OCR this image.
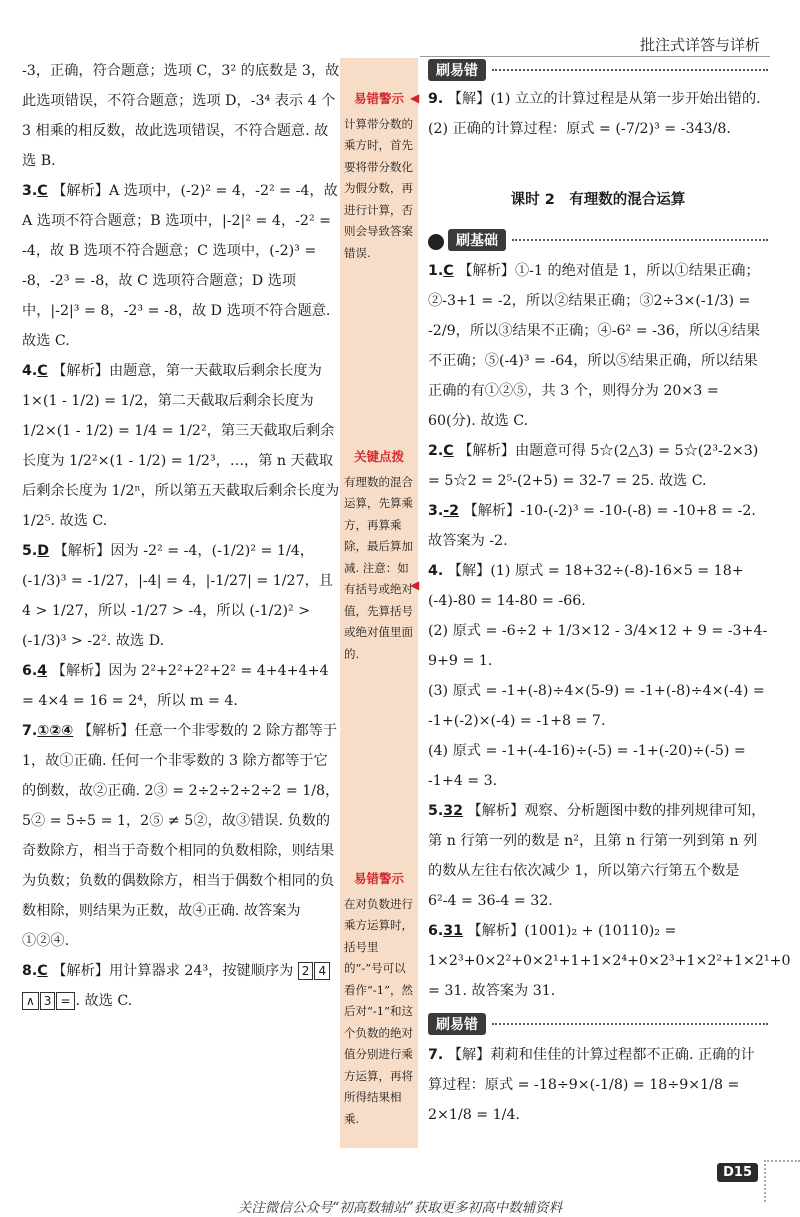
批注式详答与详析

-3，正确，符合题意；选项 C，3² 的底数是 3，故此选项错误，不符合题意；选项 D，-3⁴ 表示 4 个 3 相乘的相反数，故此选项错误，不符合题意. 故选 B.

3.C 【解析】A 选项中，(-2)² = 4，-2² = -4，故 A 选项不符合题意；B 选项中，|-2|² = 4，-2² = -4，故 B 选项不符合题意；C 选项中，(-2)³ = -8，-2³ = -8，故 C 选项符合题意；D 选项中，|-2|³ = 8，-2³ = -8，故 D 选项不符合题意. 故选 C.
4.C 【解析】由题意，第一天截取后剩余长度为 1×(1 - 1/2) = 1/2，第二天截取后剩余长度为 1/2×(1 - 1/2) = 1/4 = 1/2²，第三天截取后剩余长度为 1/2²×(1 - 1/2) = 1/2³，…，第 n 天截取后剩余长度为 1/2ⁿ，所以第五天截取后剩余长度为 1/2⁵. 故选 C.
5.D 【解析】因为 -2² = -4，(-1/2)² = 1/4，(-1/3)³ = -1/27，|-4| = 4，|-1/27| = 1/27，且 4 > 1/27，所以 -1/27 > -4，所以 (-1/2)² > (-1/3)³ > -2². 故选 D.
6.4 【解析】因为 2²+2²+2²+2² = 4+4+4+4 = 4×4 = 16 = 2⁴，所以 m = 4.
7.①②④ 【解析】任意一个非零数的 2 除方都等于 1，故①正确. 任何一个非零数的 3 除方都等于它的倒数，故②正确. 2③ = 2÷2÷2÷2÷2 = 1/8，5② = 5÷5 = 1，2⑤ ≠ 5②，故③错误. 负数的奇数除方，相当于奇数个相同的负数相除，则结果为负数；负数的偶数除方，相当于偶数个相同的负数相除，则结果为正数，故④正确. 故答案为①②④.
8.C 【解析】用计算器求 24³，按键顺序为 2 4 ∧ 3 = . 故选 C.
易错警示
计算带分数的乘方时，首先要将带分数化为假分数，再进行计算，否则会导致答案错误.
关键点拨
有理数的混合运算，先算乘方，再算乘除，最后算加减. 注意：如有括号或绝对值，先算括号或绝对值里面的.
易错警示
在对负数进行乘方运算时，括号里的“-”号可以看作“-1”，然后对“-1”和这个负数的绝对值分别进行乘方运算，再将所得结果相乘.
◀
◀
刷易错
9. 【解】(1) 立立的计算过程是从第一步开始出错的.

(2) 正确的计算过程：原式 = (-7/2)³ = -343/8.

课时 2　有理数的混合运算
刷基础
1.C 【解析】①-1 的绝对值是 1，所以①结果正确；②-3+1 = -2，所以②结果正确；③2÷3×(-1/3) = -2/9，所以③结果不正确；④-6² = -36，所以④结果不正确；⑤(-4)³ = -64，所以⑤结果正确，所以结果正确的有①②⑤，共 3 个，则得分为 20×3 = 60(分). 故选 C.
2.C 【解析】由题意可得 5☆(2△3) = 5☆(2³-2×3) = 5☆2 = 2⁵-(2+5) = 32-7 = 25. 故选 C.
3.-2 【解析】-10-(-2)³ = -10-(-8) = -10+8 = -2. 故答案为 -2.
4. 【解】(1) 原式 = 18+32÷(-8)-16×5 = 18+(-4)-80 = 14-80 = -66.

(2) 原式 = -6÷2 + 1/3×12 - 3/4×12 + 9 = -3+4-9+9 = 1.

(3) 原式 = -1+(-8)÷4×(5-9) = -1+(-8)÷4×(-4) = -1+(-2)×(-4) = -1+8 = 7.

(4) 原式 = -1+(-4-16)÷(-5) = -1+(-20)÷(-5) = -1+4 = 3.

5.32 【解析】观察、分析题图中数的排列规律可知，第 n 行第一列的数是 n²，且第 n 行第一列到第 n 列的数从左往右依次减少 1，所以第六行第五个数是 6²-4 = 36-4 = 32.
6.31 【解析】(1001)₂ + (10110)₂ = 1×2³+0×2²+0×2¹+1+1×2⁴+0×2³+1×2²+1×2¹+0 = 31. 故答案为 31.
刷易错
7. 【解】莉莉和佳佳的计算过程都不正确. 正确的计算过程：原式 = -18÷9×(-1/8) = 18÷9×1/8 = 2×1/8 = 1/4.
D15
关注微信公众号“初高数辅站”获取更多初高中数辅资料
